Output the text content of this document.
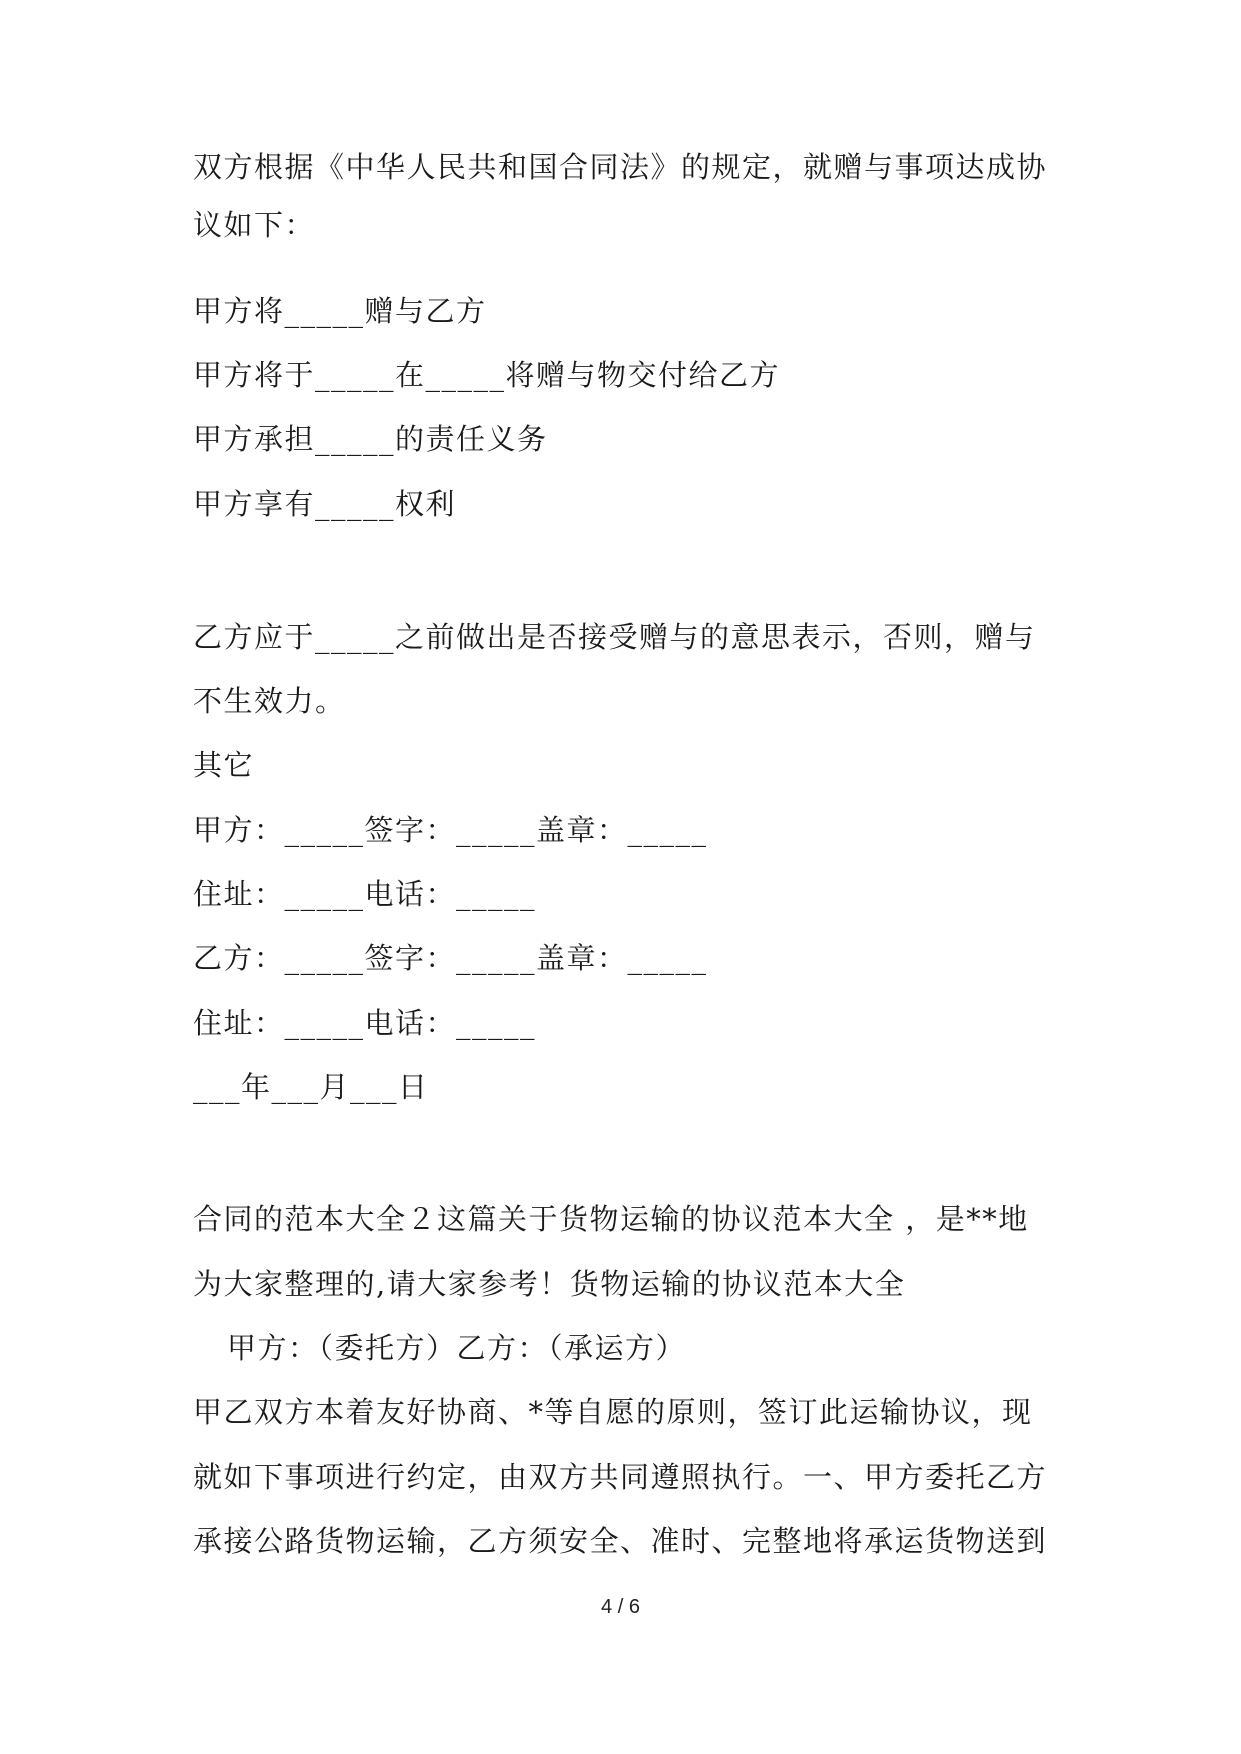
双方根据《中华人民共和国合同法》的规定，就赠与事项达成协
议如下：
甲方将_____赠与乙方
甲方将于_____在_____将赠与物交付给乙方
甲方承担_____的责任义务
甲方享有_____权利
乙方应于_____之前做出是否接受赠与的意思表示，否则，赠与
不生效力。
其它
甲方：_____签字：_____盖章：_____
住址：_____电话：_____
乙方：_____签字：_____盖章：_____
住址：_____电话：_____
___年___月___日
合同的范本大全２这篇关于货物运输的协议范本大全 ，是**地
为大家整理的,请大家参考！货物运输的协议范本大全
甲方：（委托方）乙方：（承运方）
甲乙双方本着友好协商、*等自愿的原则，签订此运输协议，现
就如下事项进行约定，由双方共同遵照执行。一、甲方委托乙方
承接公路货物运输，乙方须安全、准时、完整地将承运货物送到
4 / 6
